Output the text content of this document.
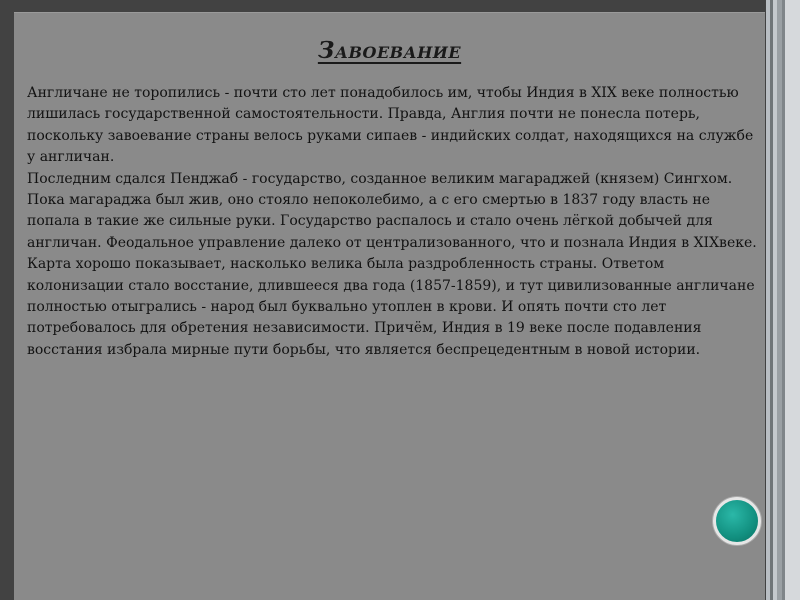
Завоевание

Англичане не торопились - почти сто лет понадобилось им, чтобы Индия в XIX веке полностью лишилась государственной самостоятельности. Правда, Англия почти не понесла потерь, поскольку завоевание страны велось руками сипаев - индийских солдат, находящихся на службе у англичан.

Последним сдался Пенджаб - государство, созданное великим магараджей (князем) Сингхом. Пока магараджа был жив, оно стояло непоколебимо, а с его смертью в 1837 году власть не попала в такие же сильные руки. Государство распалось и стало очень лёгкой добычей для англичан. Феодальное управление далеко от централизованного, что и познала Индия в XIXвеке. Карта хорошо показывает, насколько велика была раздробленность страны. Ответом колонизации стало восстание, длившееся два года (1857-1859), и тут цивилизованные англичане полностью отыгрались - народ был буквально утоплен в крови. И опять почти сто лет потребовалось для обретения независимости. Причём, Индия в 19 веке после подавления восстания избрала мирные пути борьбы, что является беспрецедентным в новой истории.
